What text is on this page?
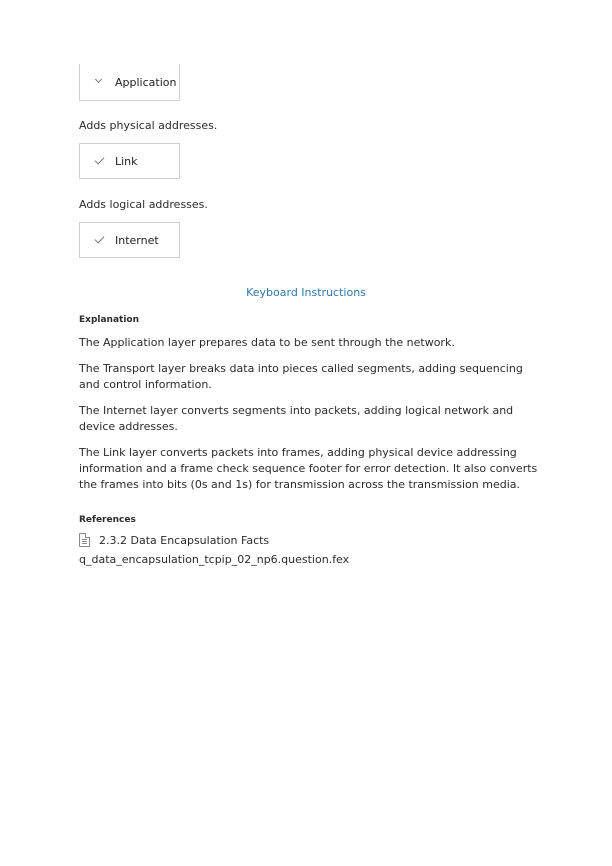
Application
Adds physical addresses.
Link
Adds logical addresses.
Internet
Keyboard Instructions
Explanation

The Application layer prepares data to be sent through the network.

The Transport layer breaks data into pieces called segments, adding sequencing and control information.

The Internet layer converts segments into packets, adding logical network and device addresses.

The Link layer converts packets into frames, adding physical device addressing information and a frame check sequence footer for error detection. It also converts the frames into bits (0s and 1s) for transmission across the transmission media.

References
2.3.2 Data Encapsulation Facts
q_data_encapsulation_tcpip_02_np6.question.fex
